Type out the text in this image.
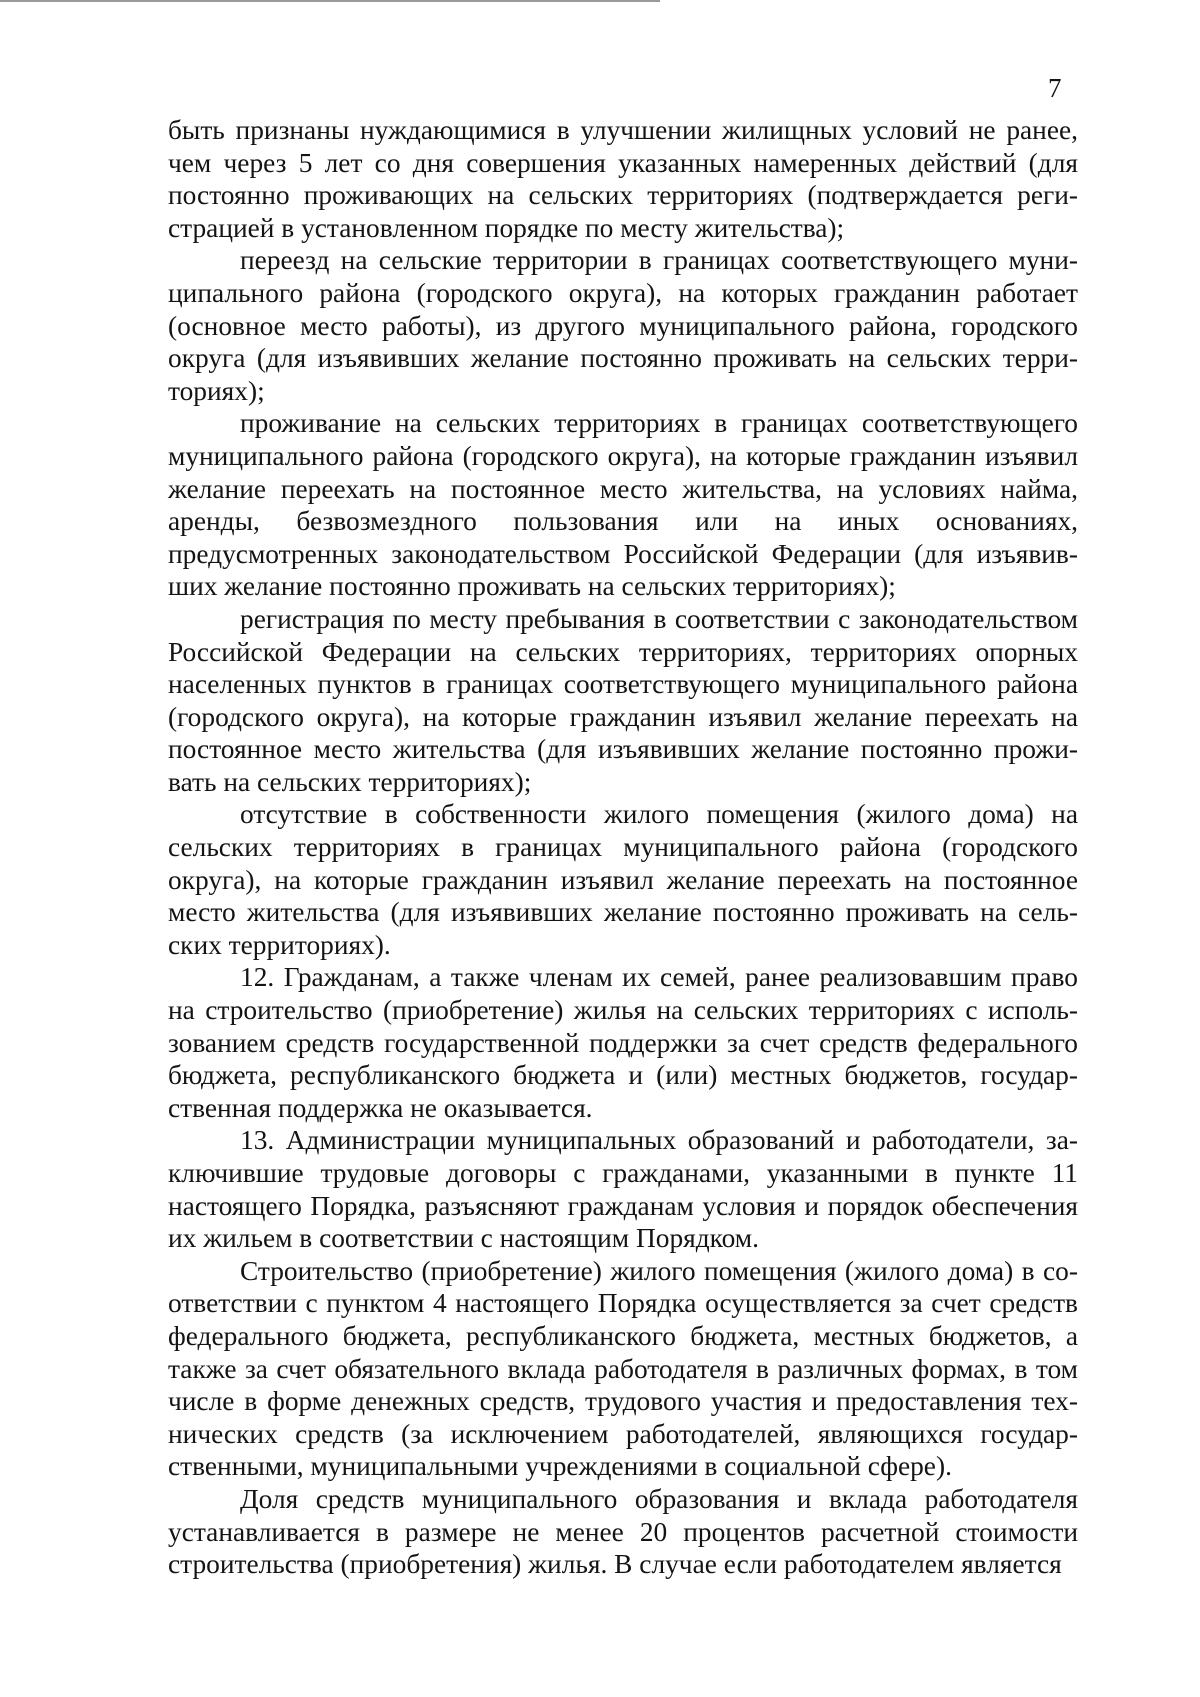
7

быть признаны нуждающимися в улучшении жилищных условий не ранее, чем через 5 лет со дня совершения указанных намеренных действий (для постоянно проживающих на сельских территориях (подтверждается регистрацией в установленном порядке по месту жительства);

переезд на сельские территории в границах соответствующего муниципального района (городского округа), на которых гражданин работает (основное место работы), из другого муниципального района, городского округа (для изъявивших желание постоянно проживать на сельских территориях);

проживание на сельских территориях в границах соответствующего муниципального района (городского округа), на которые гражданин изъявил желание переехать на постоянное место жительства, на условиях найма, аренды, безвозмездного пользования или на иных основаниях, предусмотренных законодательством Российской Федерации (для изъявивших желание постоянно проживать на сельских территориях);

регистрация по месту пребывания в соответствии с законодательством Российской Федерации на сельских территориях, территориях опорных населенных пунктов в границах соответствующего муниципального района (городского округа), на которые гражданин изъявил желание переехать на постоянное место жительства (для изъявивших желание постоянно проживать на сельских территориях);

отсутствие в собственности жилого помещения (жилого дома) на сельских территориях в границах муниципального района (городского округа), на которые гражданин изъявил желание переехать на постоянное место жительства (для изъявивших желание постоянно проживать на сельских территориях).

12. Гражданам, а также членам их семей, ранее реализовавшим право на строительство (приобретение) жилья на сельских территориях с использованием средств государственной поддержки за счет средств федерального бюджета, республиканского бюджета и (или) местных бюджетов, государственная поддержка не оказывается.

13. Администрации муниципальных образований и работодатели, заключившие трудовые договоры с гражданами, указанными в пункте 11 настоящего Порядка, разъясняют гражданам условия и порядок обеспечения их жильем в соответствии с настоящим Порядком.

Строительство (приобретение) жилого помещения (жилого дома) в соответствии с пунктом 4 настоящего Порядка осуществляется за счет средств федерального бюджета, республиканского бюджета, местных бюджетов, а также за счет обязательного вклада работодателя в различных формах, в том числе в форме денежных средств, трудового участия и предоставления технических средств (за исключением работодателей, являющихся государственными, муниципальными учреждениями в социальной сфере).

Доля средств муниципального образования и вклада работодателя устанавливается в размере не менее 20 процентов расчетной стоимости строительства (приобретения) жилья. В случае если работодателем является
